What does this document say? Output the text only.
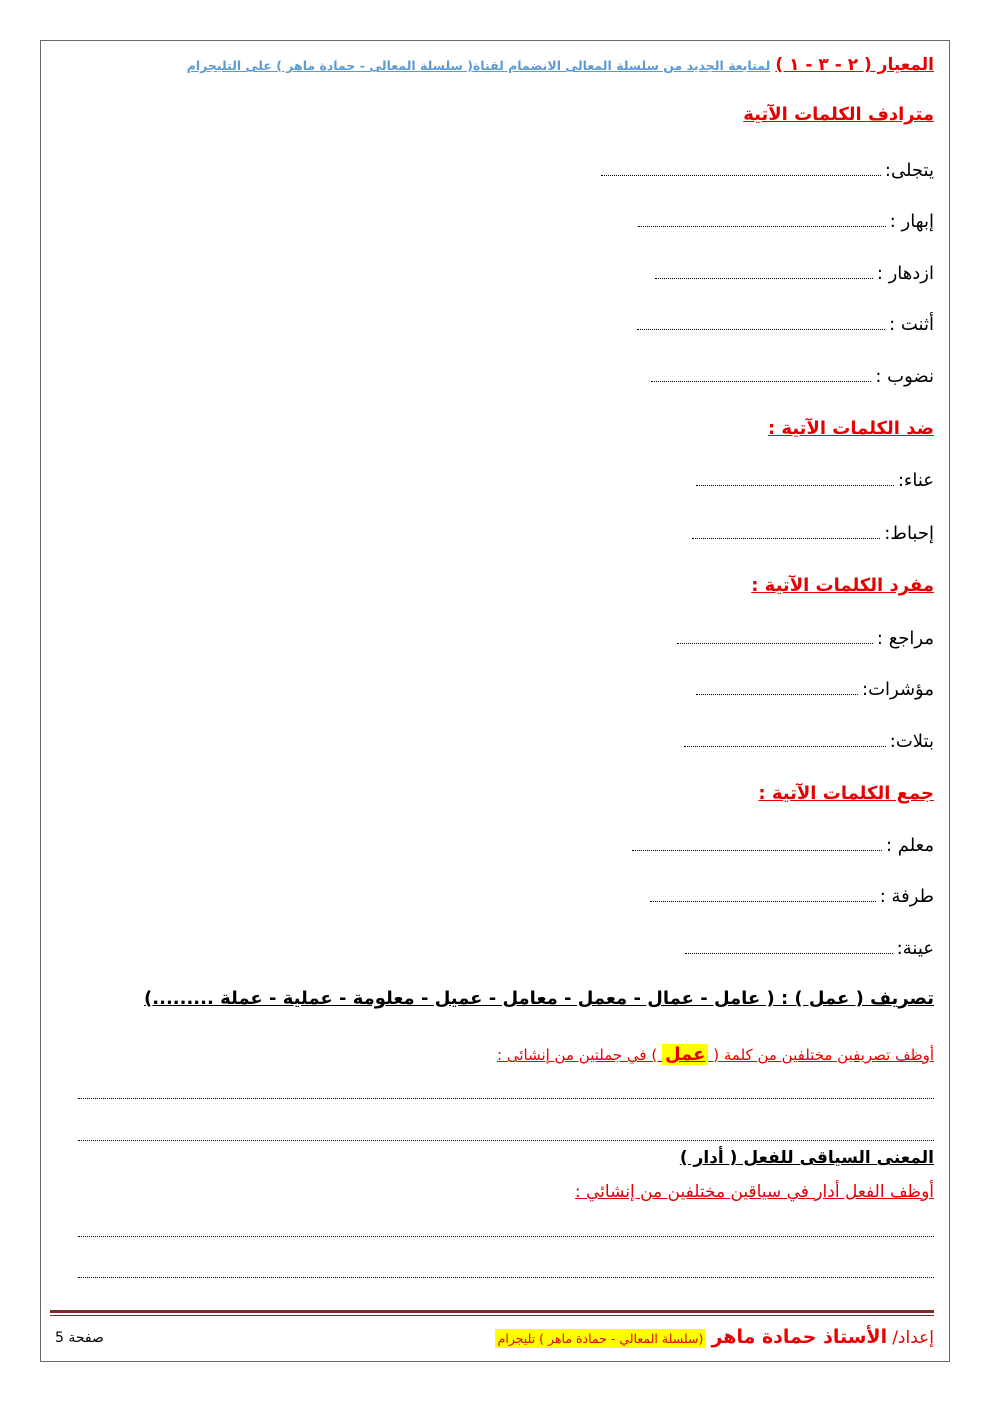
المعيار ( ٢ - ٣ - ١ ) لمتابعة الجديد من سلسلة المعالى الانضمام لقناة( سلسلة المعالى - حمادة ماهر ) على التليجرام
مترادف الكلمات الآتية
يتجلى:
إبهار :
ازدهار :
أثنت :
نضوب :
ضد الكلمات الآتية :
عناء:
إحباط:
مفرد الكلمات الآتية :
مراجع :
مؤشرات:
بتلات:
جمع الكلمات الآتية :
معلم :
طرفة :
عينة:
تصريف ( عمل ) : ( عامل - عمال - معمل - معامل - عميل - معلومة - عملية - عملة .........)
أوظف تصريفين مختلفين من كلمة ( عمل ) في جملتين من إنشائى :
المعنى السياقى للفعل ( أدار )
أوظف الفعل أدار في سياقين مختلفين من إنشائي :
إعداد/ الأستاذ حمادة ماهر (سلسلة المعالي - حمادة ماهر ) تليجرام
صفحة 5
